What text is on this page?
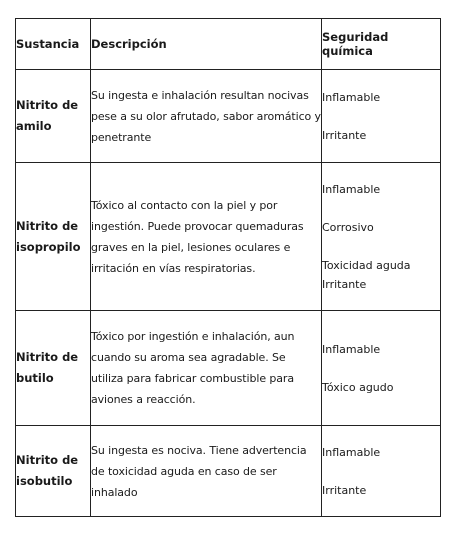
Sustancia	Descripción	Seguridad química
Nitrito de amilo	Su ingesta e inhalación resultan nocivas pese a su olor afrutado, sabor aromático y penetrante	Inflamable
Irritante

Nitrito de isopropilo	Tóxico al contacto con la piel y por ingestión. Puede provocar quemaduras graves en la piel, lesiones oculares e irritación en vías respiratorias.	Inflamable
Corrosivo
Toxicidad aguda
Irritante

Nitrito de butilo	Tóxico por ingestión e inhalación, aun cuando su aroma sea agradable. Se utiliza para fabricar combustible para aviones a reacción.	Inflamable
Tóxico agudo

Nitrito de isobutilo	Su ingesta es nociva. Tiene advertencia de toxicidad aguda en caso de ser inhalado	Inflamable
Irritante
